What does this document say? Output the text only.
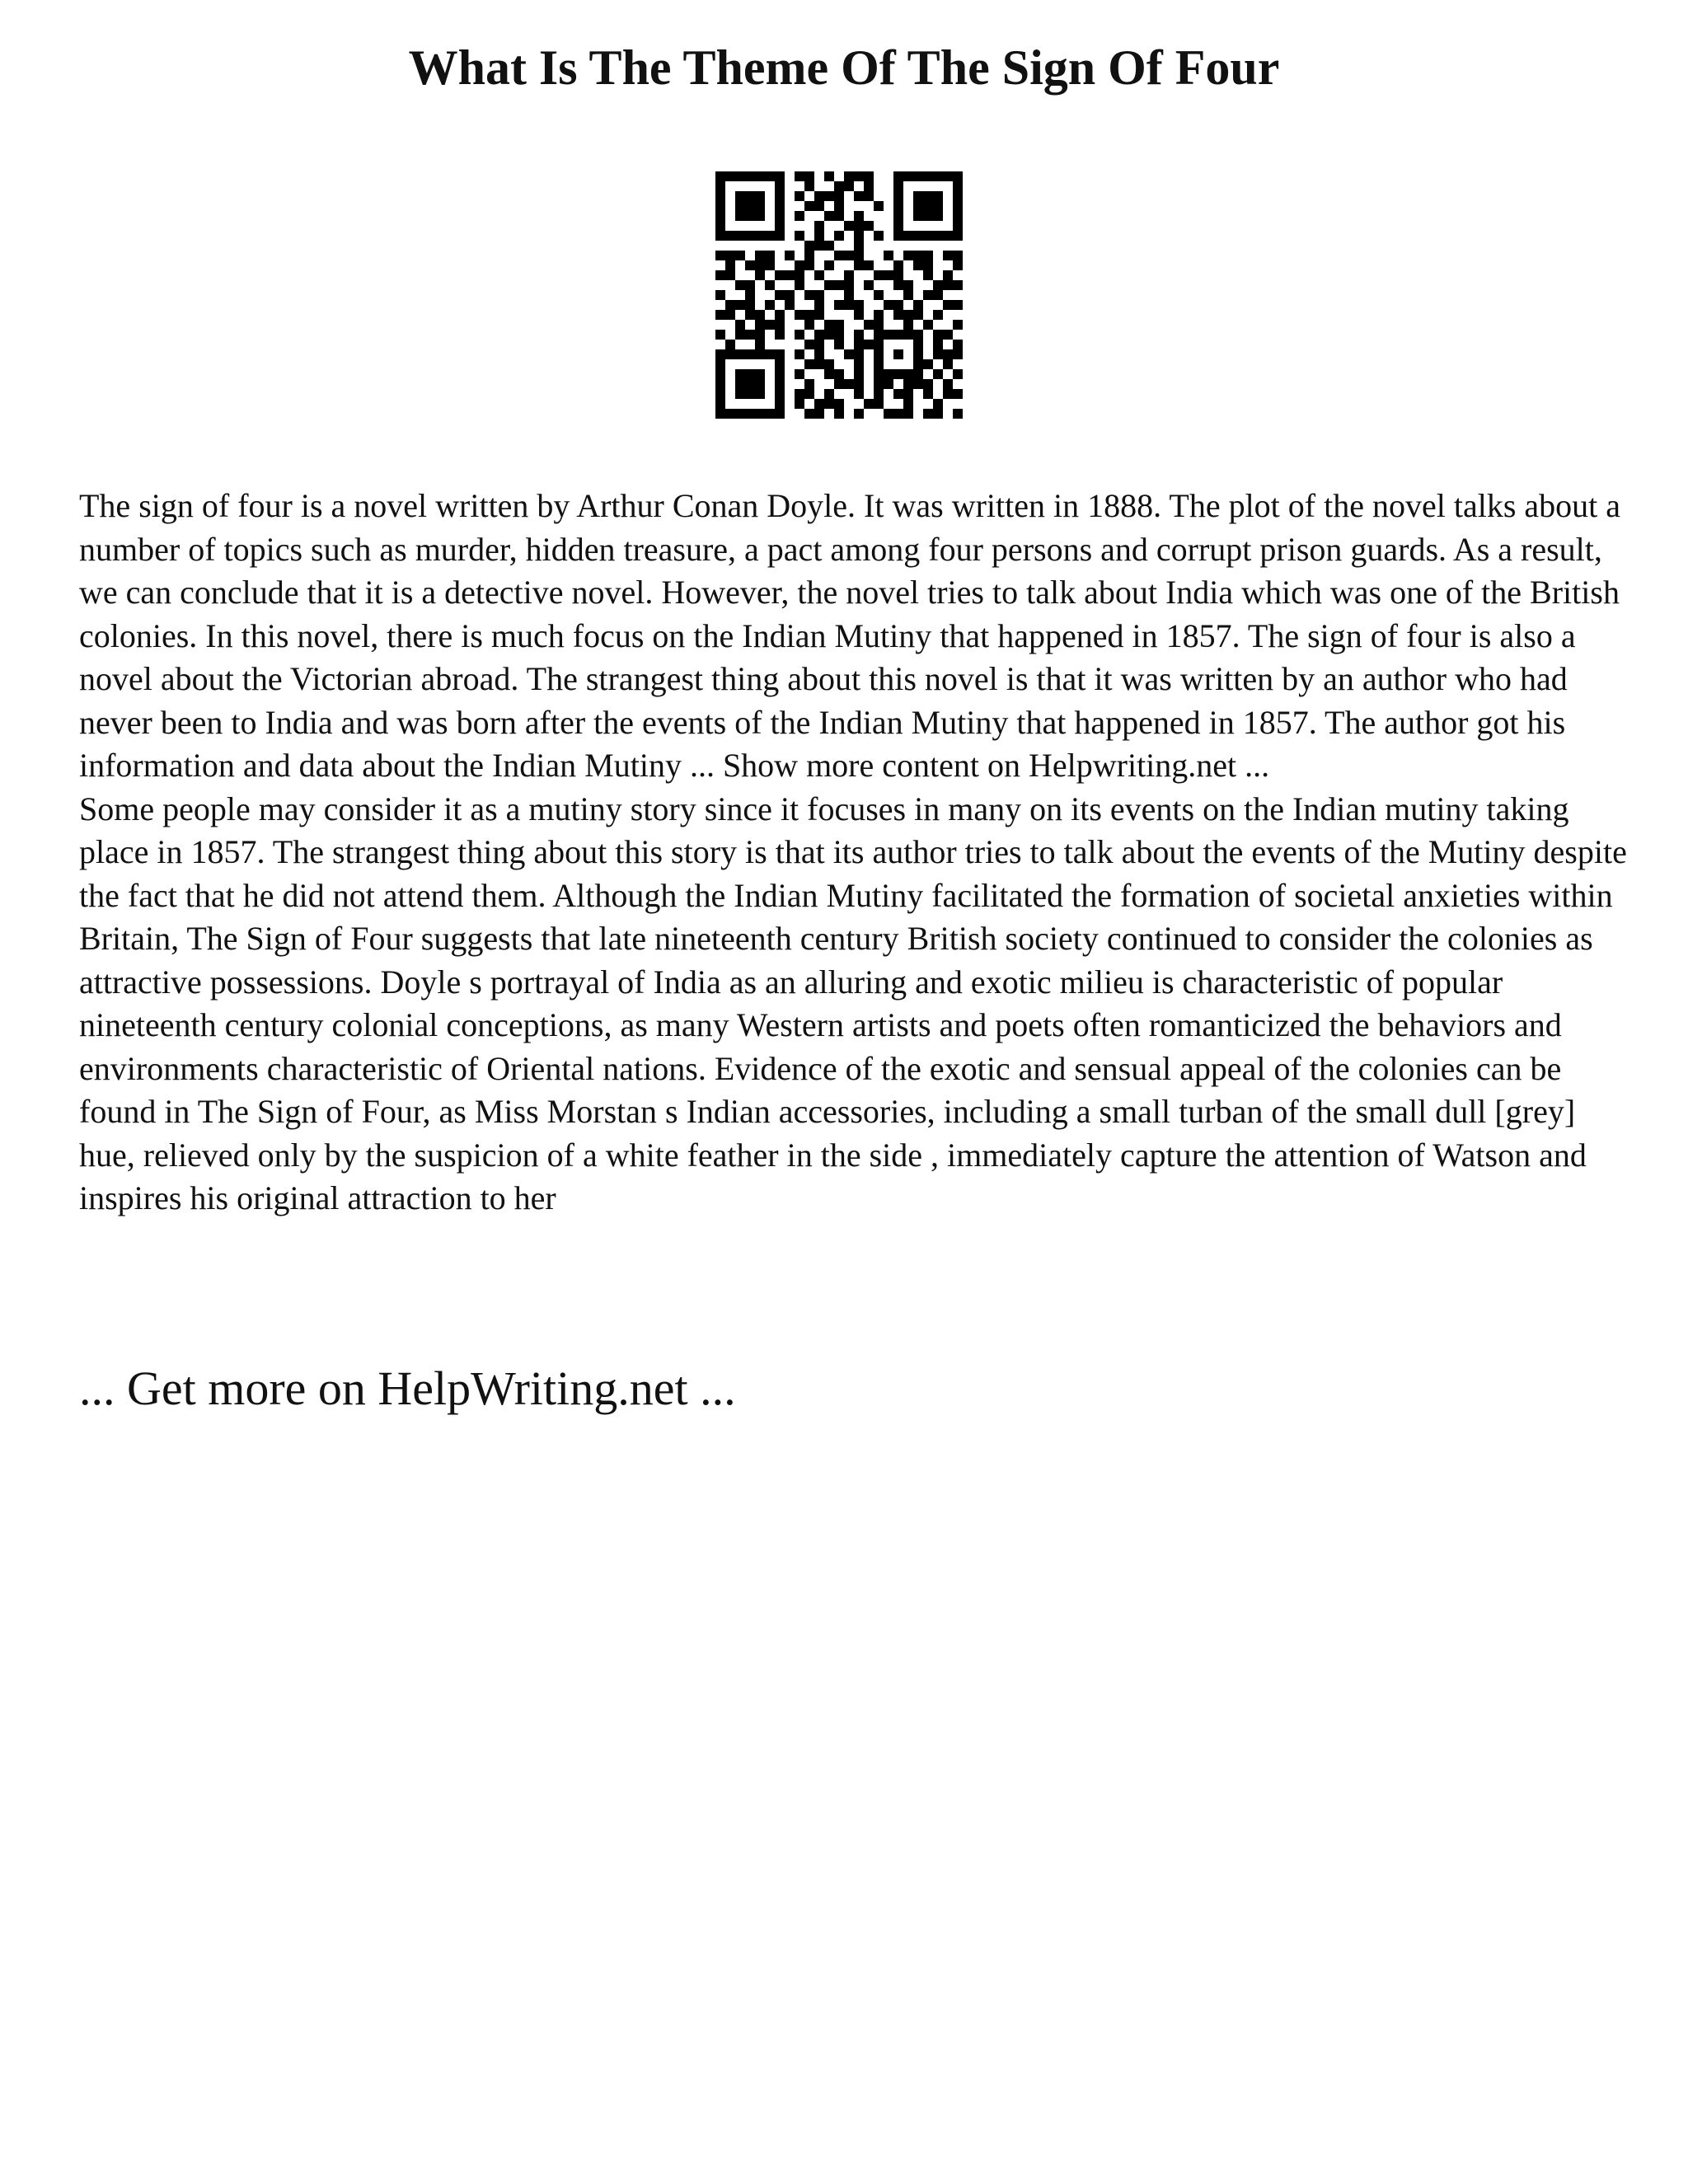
What Is The Theme Of The Sign Of Four

The sign of four is a novel written by Arthur Conan Doyle. It was written in 1888. The plot of the novel talks about a number of topics such as murder, hidden treasure, a pact among four persons and corrupt prison guards. As a result, we can conclude that it is a detective novel. However, the novel tries to talk about India which was one of the British colonies. In this novel, there is much focus on the Indian Mutiny that happened in 1857. The sign of four is also a novel about the Victorian abroad. The strangest thing about this novel is that it was written by an author who had never been to India and was born after the events of the Indian Mutiny that happened in 1857. The author got his information and data about the Indian Mutiny ... Show more content on Helpwriting.net ...

Some people may consider it as a mutiny story since it focuses in many on its events on the Indian mutiny taking place in 1857. The strangest thing about this story is that its author tries to talk about the events of the Mutiny despite the fact that he did not attend them. Although the Indian Mutiny facilitated the formation of societal anxieties within Britain, The Sign of Four suggests that late nineteenth century British society continued to consider the colonies as attractive possessions. Doyle s portrayal of India as an alluring and exotic milieu is characteristic of popular nineteenth century colonial conceptions, as many Western artists and poets often romanticized the behaviors and environments characteristic of Oriental nations. Evidence of the exotic and sensual appeal of the colonies can be found in The Sign of Four, as Miss Morstan s Indian accessories, including a small turban of the small dull [grey] hue, relieved only by the suspicion of a white feather in the side , immediately capture the attention of Watson and inspires his original attraction to her

... Get more on HelpWriting.net ...
